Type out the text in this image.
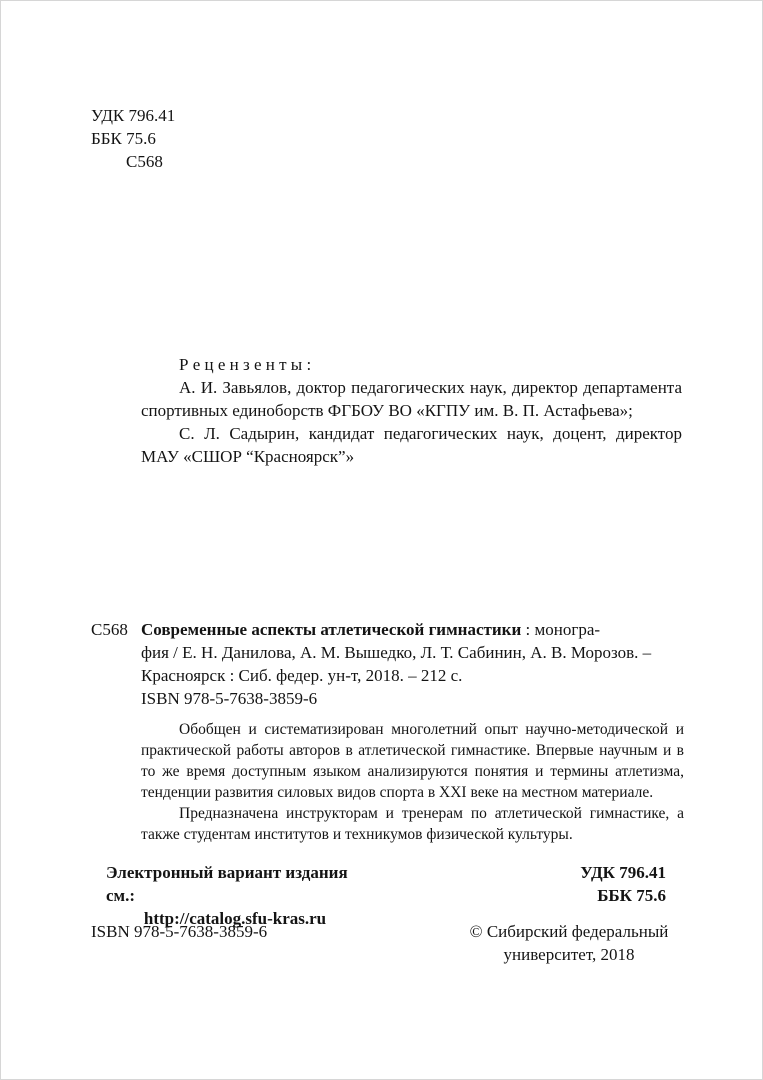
УДК 796.41
ББК 75.6
С568
Р е ц е н з е н т ы :

А. И. Завьялов, доктор педагогических наук, директор департамента спортивных единоборств ФГБОУ ВО «КГПУ им. В. П. Астафьева»;

С. Л. Садырин, кандидат педагогических наук, доцент, директор МАУ «СШОР “Красноярск”»

С568 Современные аспекты атлетической гимнастики : моногра-
фия / Е. Н. Данилова, А. М. Вышедко, Л. Т. Сабинин, А. В. Морозов. –
Красноярск : Сиб. федер. ун-т, 2018. – 212 с.
ISBN 978-5-7638-3859-6

Обобщен и систематизирован многолетний опыт научно-методической и практической работы авторов в атлетической гимнастике. Впервые научным и в то же время доступным языком анализируются понятия и термины атлетизма, тенденции развития силовых видов спорта в XXI веке на местном материале.

Предназначена инструкторам и тренерам по атлетической гимнастике, а также студентам институтов и техникумов физической культуры.

Электронный вариант издания см.:
http://catalog.sfu-kras.ru
УДК 796.41
ББК 75.6
ISBN 978-5-7638-3859-6	© Сибирский федеральный
университет, 2018
